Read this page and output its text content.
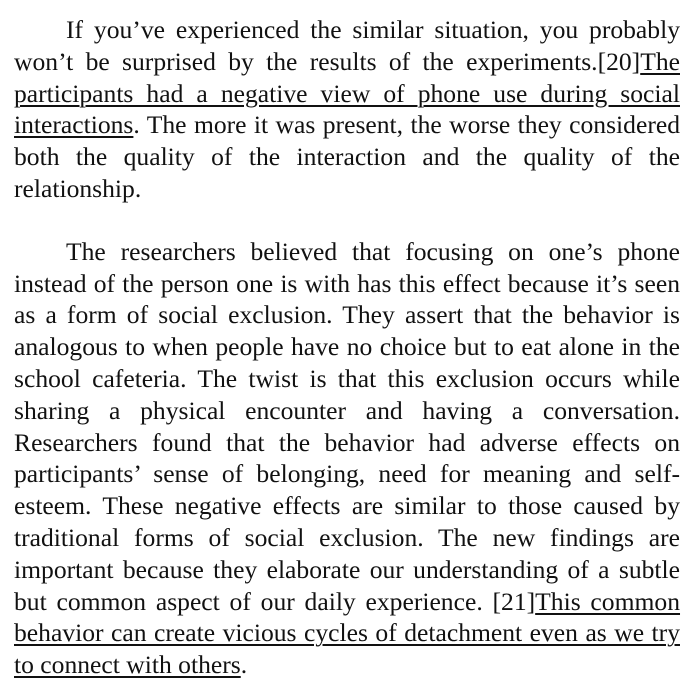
If you’ve experienced the similar situation, you probably won’t be surprised by the results of the experiments.[20]The participants had a negative view of phone use during social interactions. The more it was present, the worse they considered both the quality of the interaction and the quality of the relationship.

The researchers believed that focusing on one’s phone instead of the person one is with has this effect because it’s seen as a form of social exclusion. They assert that the behavior is analogous to when people have no choice but to eat alone in the school cafeteria. The twist is that this exclusion occurs while sharing a physical encounter and having a conversation. Researchers found that the behavior had adverse effects on participants’ sense of belonging, need for meaning and self-esteem. These negative effects are similar to those caused by traditional forms of social exclusion. The new findings are important because they elaborate our understanding of a subtle but common aspect of our daily experience. [21]This common behavior can create vicious cycles of detachment even as we try to connect with others.
